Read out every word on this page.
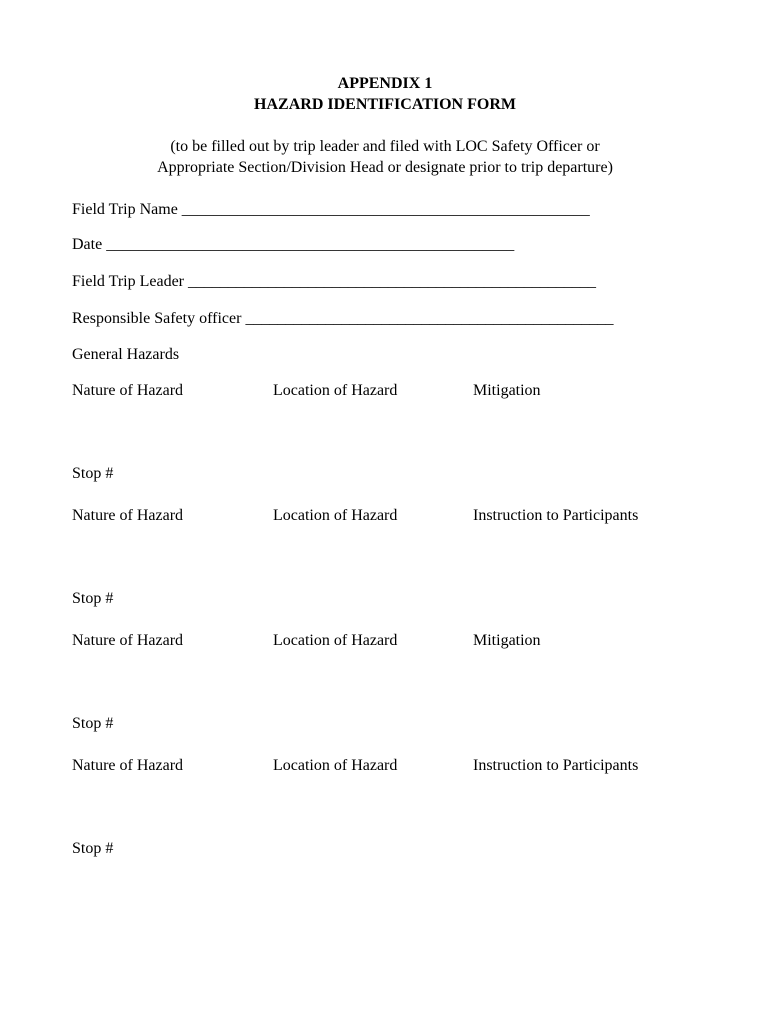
APPENDIX 1
HAZARD IDENTIFICATION FORM
(to be filled out by trip leader and filed with LOC Safety Officer or
Appropriate Section/Division Head or designate prior to trip departure)
Field Trip Name ___________________________________________________
Date ___________________________________________________
Field Trip Leader ___________________________________________________
Responsible Safety officer ______________________________________________
General Hazards
Nature of Hazard	Location of Hazard	Mitigation
Stop #
Nature of Hazard	Location of Hazard	Instruction to Participants
Stop #
Nature of Hazard	Location of Hazard	Mitigation
Stop #
Nature of Hazard	Location of Hazard	Instruction to Participants
Stop #
